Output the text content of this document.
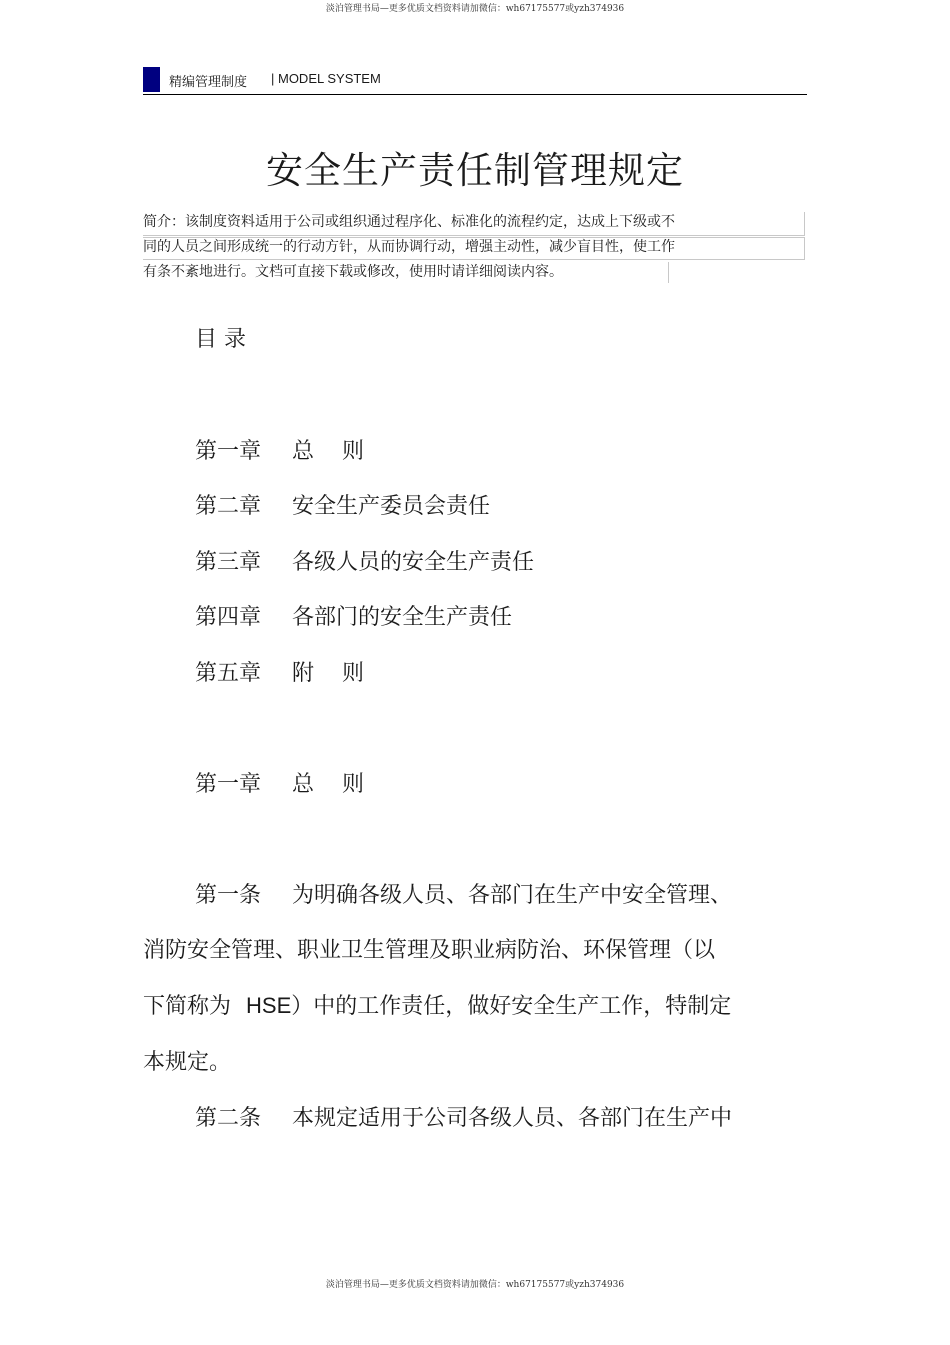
淡泊管理书局—更多优质文档资料请加微信：wh67175577或yzh374936
精编管理制度 | MODEL SYSTEM
安全生产责任制管理规定
简介：该制度资料适用于公司或组织通过程序化、标准化的流程约定，达成上下级或不
同的人员之间形成统一的行动方针，从而协调行动，增强主动性，减少盲目性，使工作
有条不紊地进行。文档可直接下载或修改，使用时请详细阅读内容。
目 录
第一章 总    则
第二章 安全生产委员会责任
第三章 各级人员的安全生产责任
第四章 各部门的安全生产责任
第五章 附    则
第一章 总    则
第一条 为明确各级人员、各部门在生产中安全管理、
消防安全管理、职业卫生管理及职业病防治、环保管理（以
下简称为 HSE）中的工作责任，做好安全生产工作，特制定
本规定。
第二条 本规定适用于公司各级人员、各部门在生产中
淡泊管理书局—更多优质文档资料请加微信：wh67175577或yzh374936
